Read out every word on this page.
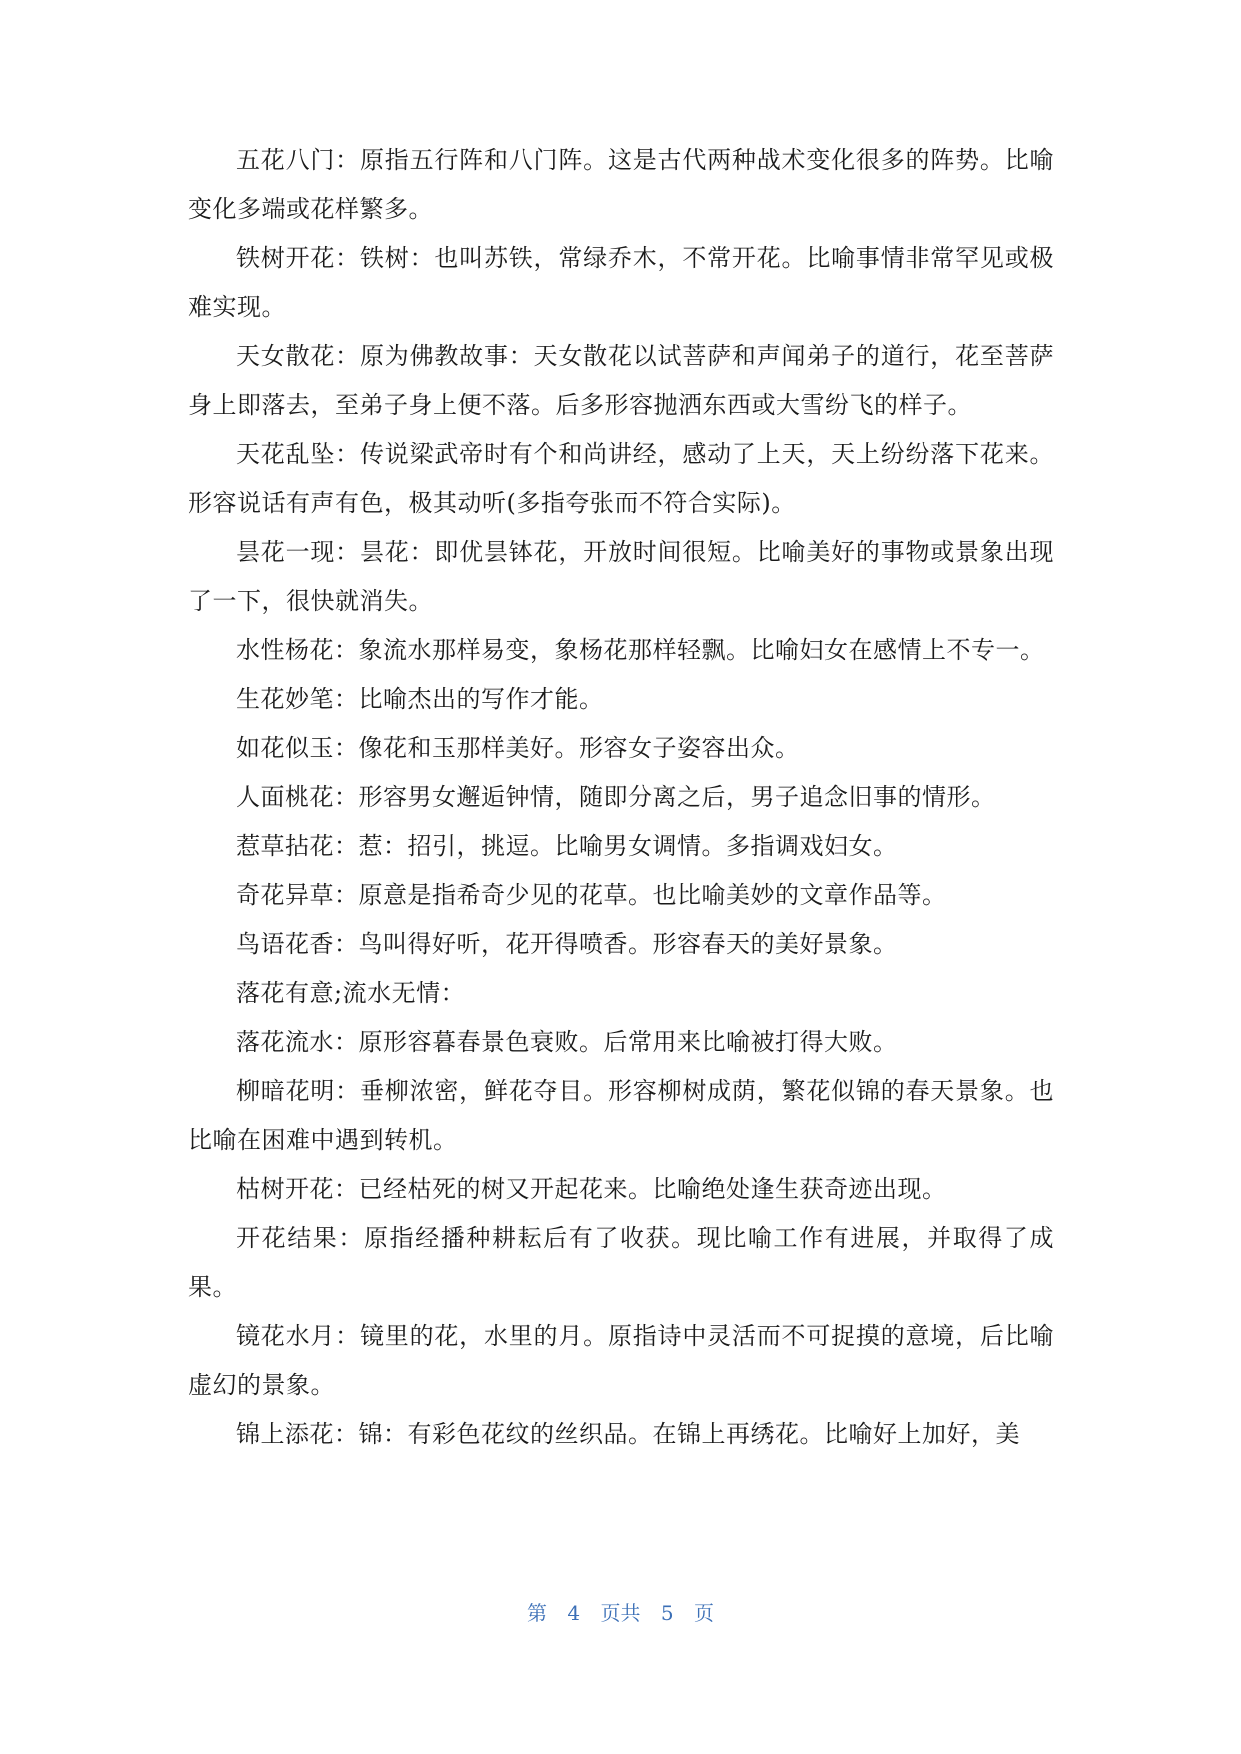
五花八门：原指五行阵和八门阵。这是古代两种战术变化很多的阵势。比喻变化多端或花样繁多。

铁树开花：铁树：也叫苏铁，常绿乔木，不常开花。比喻事情非常罕见或极难实现。

天女散花：原为佛教故事：天女散花以试菩萨和声闻弟子的道行，花至菩萨身上即落去，至弟子身上便不落。后多形容抛洒东西或大雪纷飞的样子。

天花乱坠：传说梁武帝时有个和尚讲经，感动了上天，天上纷纷落下花来。形容说话有声有色，极其动听(多指夸张而不符合实际)。

昙花一现：昙花：即优昙钵花，开放时间很短。比喻美好的事物或景象出现了一下，很快就消失。

水性杨花：象流水那样易变，象杨花那样轻飘。比喻妇女在感情上不专一。

生花妙笔：比喻杰出的写作才能。

如花似玉：像花和玉那样美好。形容女子姿容出众。

人面桃花：形容男女邂逅钟情，随即分离之后，男子追念旧事的情形。

惹草拈花：惹：招引，挑逗。比喻男女调情。多指调戏妇女。

奇花异草：原意是指希奇少见的花草。也比喻美妙的文章作品等。

鸟语花香：鸟叫得好听，花开得喷香。形容春天的美好景象。

落花有意;流水无情：

落花流水：原形容暮春景色衰败。后常用来比喻被打得大败。

柳暗花明：垂柳浓密，鲜花夺目。形容柳树成荫，繁花似锦的春天景象。也比喻在困难中遇到转机。

枯树开花：已经枯死的树又开起花来。比喻绝处逢生获奇迹出现。

开花结果：原指经播种耕耘后有了收获。现比喻工作有进展，并取得了成果。

镜花水月：镜里的花，水里的月。原指诗中灵活而不可捉摸的意境，后比喻虚幻的景象。

锦上添花：锦：有彩色花纹的丝织品。在锦上再绣花。比喻好上加好，美

第 4 页共 5 页
